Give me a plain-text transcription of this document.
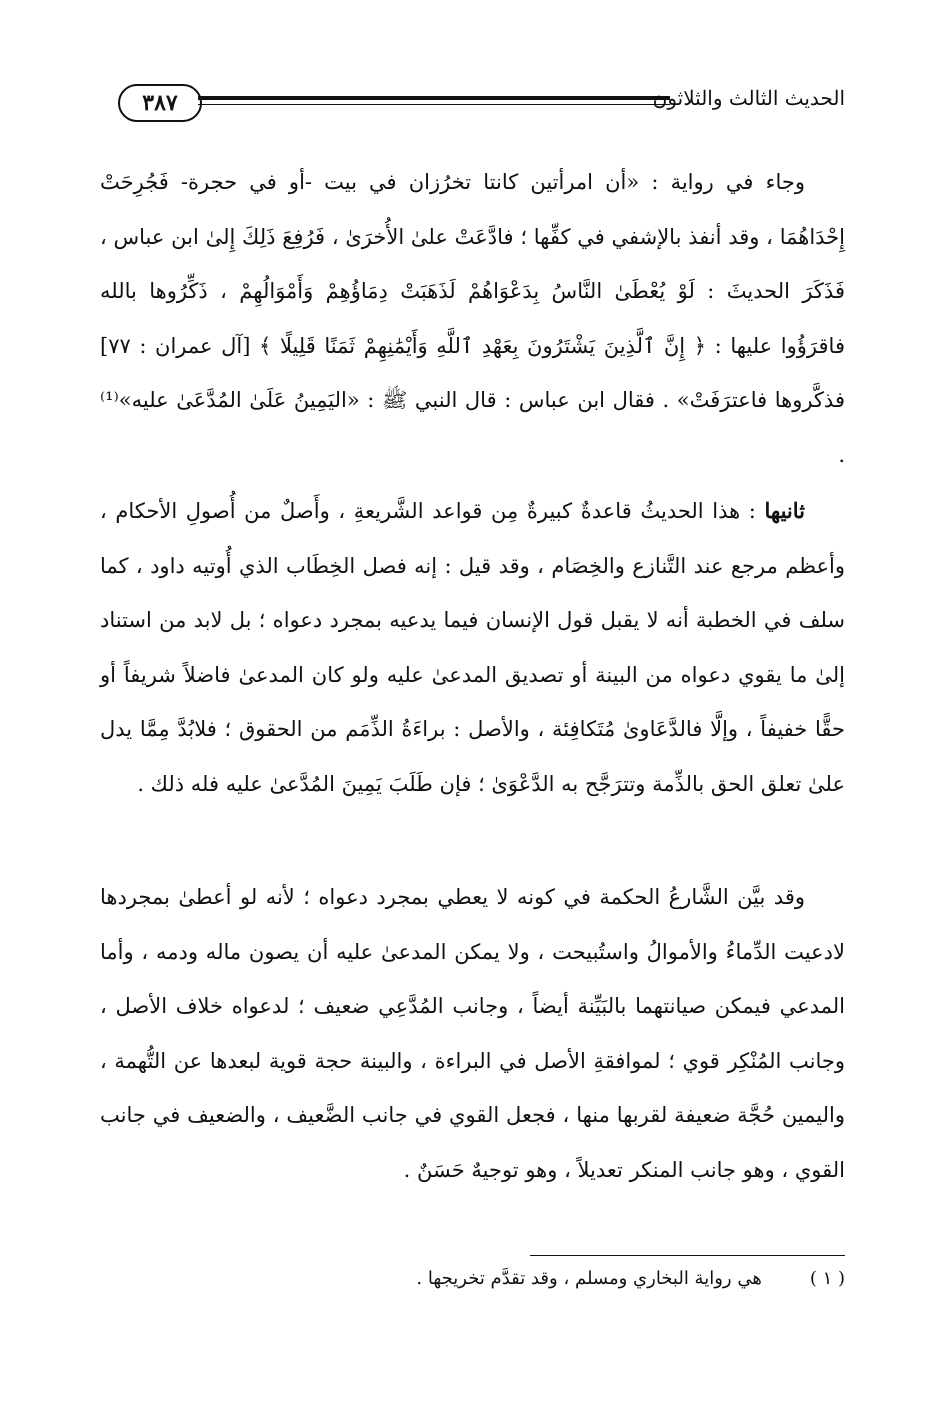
٣٨٧	الحديث الثالث والثلاثون

وجاء في رواية : «أن امرأتين كانتا تخرُزان في بيت -أو في حجرة- فَجُرِحَتْ إِحْدَاهُمَا ، وقد أنفذ بالإشفي في كفِّها ؛ فادَّعَتْ علىٰ الأُخرَىٰ ، فَرُفِعَ ذَلِكَ إِلىٰ ابن عباس ، فَذَكَرَ الحديثَ : لَوْ يُعْطَىٰ النَّاسُ بِدَعْوَاهُمْ لَذَهَبَتْ دِمَاؤُهِمْ وَأَمْوَالُهِمْ ، ذَكِّرُوها بالله فاقرَؤُوا عليها : ﴿ إِنَّ ٱلَّذِينَ يَشْتَرُونَ بِعَهْدِ ٱللَّهِ وَأَيْمَٰنِهِمْ ثَمَنًا قَلِيلًا ﴾ [آل عمران : ٧٧] فذكَّروها فاعترَفَتْ» . فقال ابن عباس : قال النبي ﷺ : «اليَمِينُ عَلَىٰ المُدَّعَىٰ عليه»⁽¹⁾ .

ثانيها : هذا الحديثُ قاعدةٌ كبيرةٌ مِن قواعد الشَّريعةِ ، وأَصلٌ من أُصولِ الأحكام ، وأعظم مرجع عند التَّنازع والخِصَام ، وقد قيل : إنه فصل الخِطَاب الذي أُوتيه داود ، كما سلف في الخطبة أنه لا يقبل قول الإنسان فيما يدعيه بمجرد دعواه ؛ بل لابد من استناد إلىٰ ما يقوي دعواه من البينة أو تصديق المدعىٰ عليه ولو كان المدعىٰ فاضلاً شريفاً أو حقًّا خفيفاً ، وإلَّا فالدَّعَاوىٰ مُتَكافِئة ، والأصل : براءَةُ الذِّمَم من الحقوق ؛ فلابُدَّ مِمَّا يدل علىٰ تعلق الحق بالذِّمة وتترَجَّح به الدَّعْوَىٰ ؛ فإن طَلَبَ يَمِينَ المُدَّعىٰ عليه فله ذلك .

وقد بيَّن الشَّارعُ الحكمة في كونه لا يعطي بمجرد دعواه ؛ لأنه لو أعطىٰ بمجردها لادعيت الدِّماءُ والأموالُ واستُبيحت ، ولا يمكن المدعىٰ عليه أن يصون ماله ودمه ، وأما المدعي فيمكن صيانتهما بالبَيِّنة أيضاً ، وجانب المُدَّعِي ضعيف ؛ لدعواه خلاف الأصل ، وجانب المُنْكِر قوي ؛ لموافقةِ الأصل في البراءة ، والبينة حجة قوية لبعدها عن التُّهمة ، واليمين حُجَّة ضعيفة لقربها منها ، فجعل القوي في جانب الضَّعيف ، والضعيف في جانب القوي ، وهو جانب المنكر تعديلاً ، وهو توجيهٌ حَسَنٌ .

( ١ )
هي رواية البخاري ومسلم ، وقد تقدَّم تخريجها .
